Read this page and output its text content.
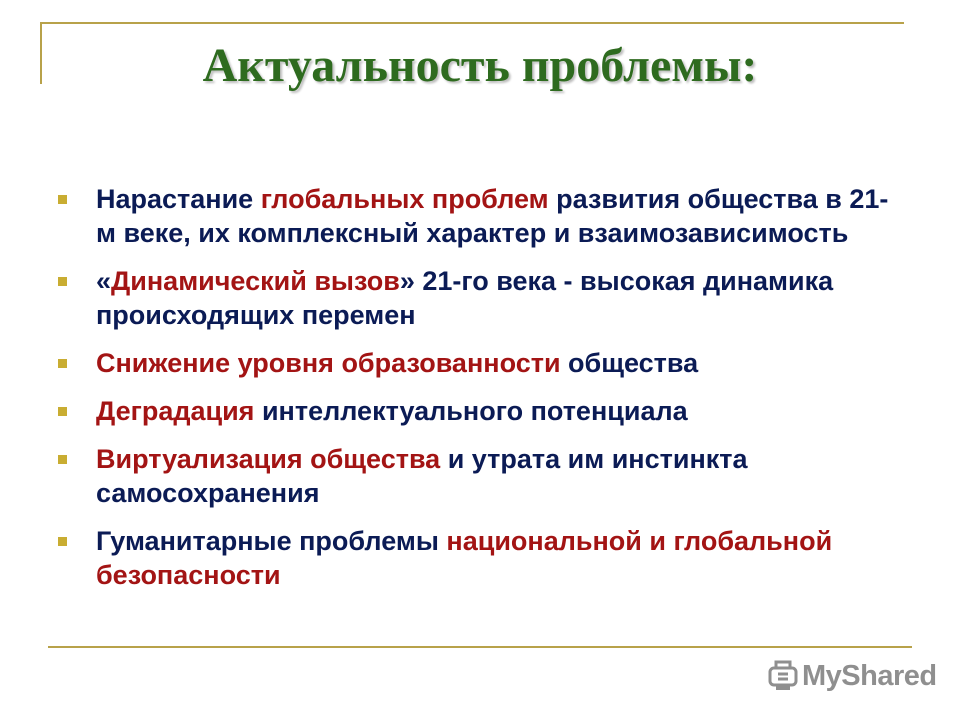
Актуальность проблемы:
Нарастание глобальных проблем развития общества в 21-м веке, их комплексный характер и взаимозависимость
«Динамический вызов» 21-го века - высокая динамика происходящих перемен
Снижение уровня образованности общества
Деградация интеллектуального потенциала
Виртуализация общества и утрата им инстинкта самосохранения
Гуманитарные проблемы национальной и глобальной безопасности
MyShared
